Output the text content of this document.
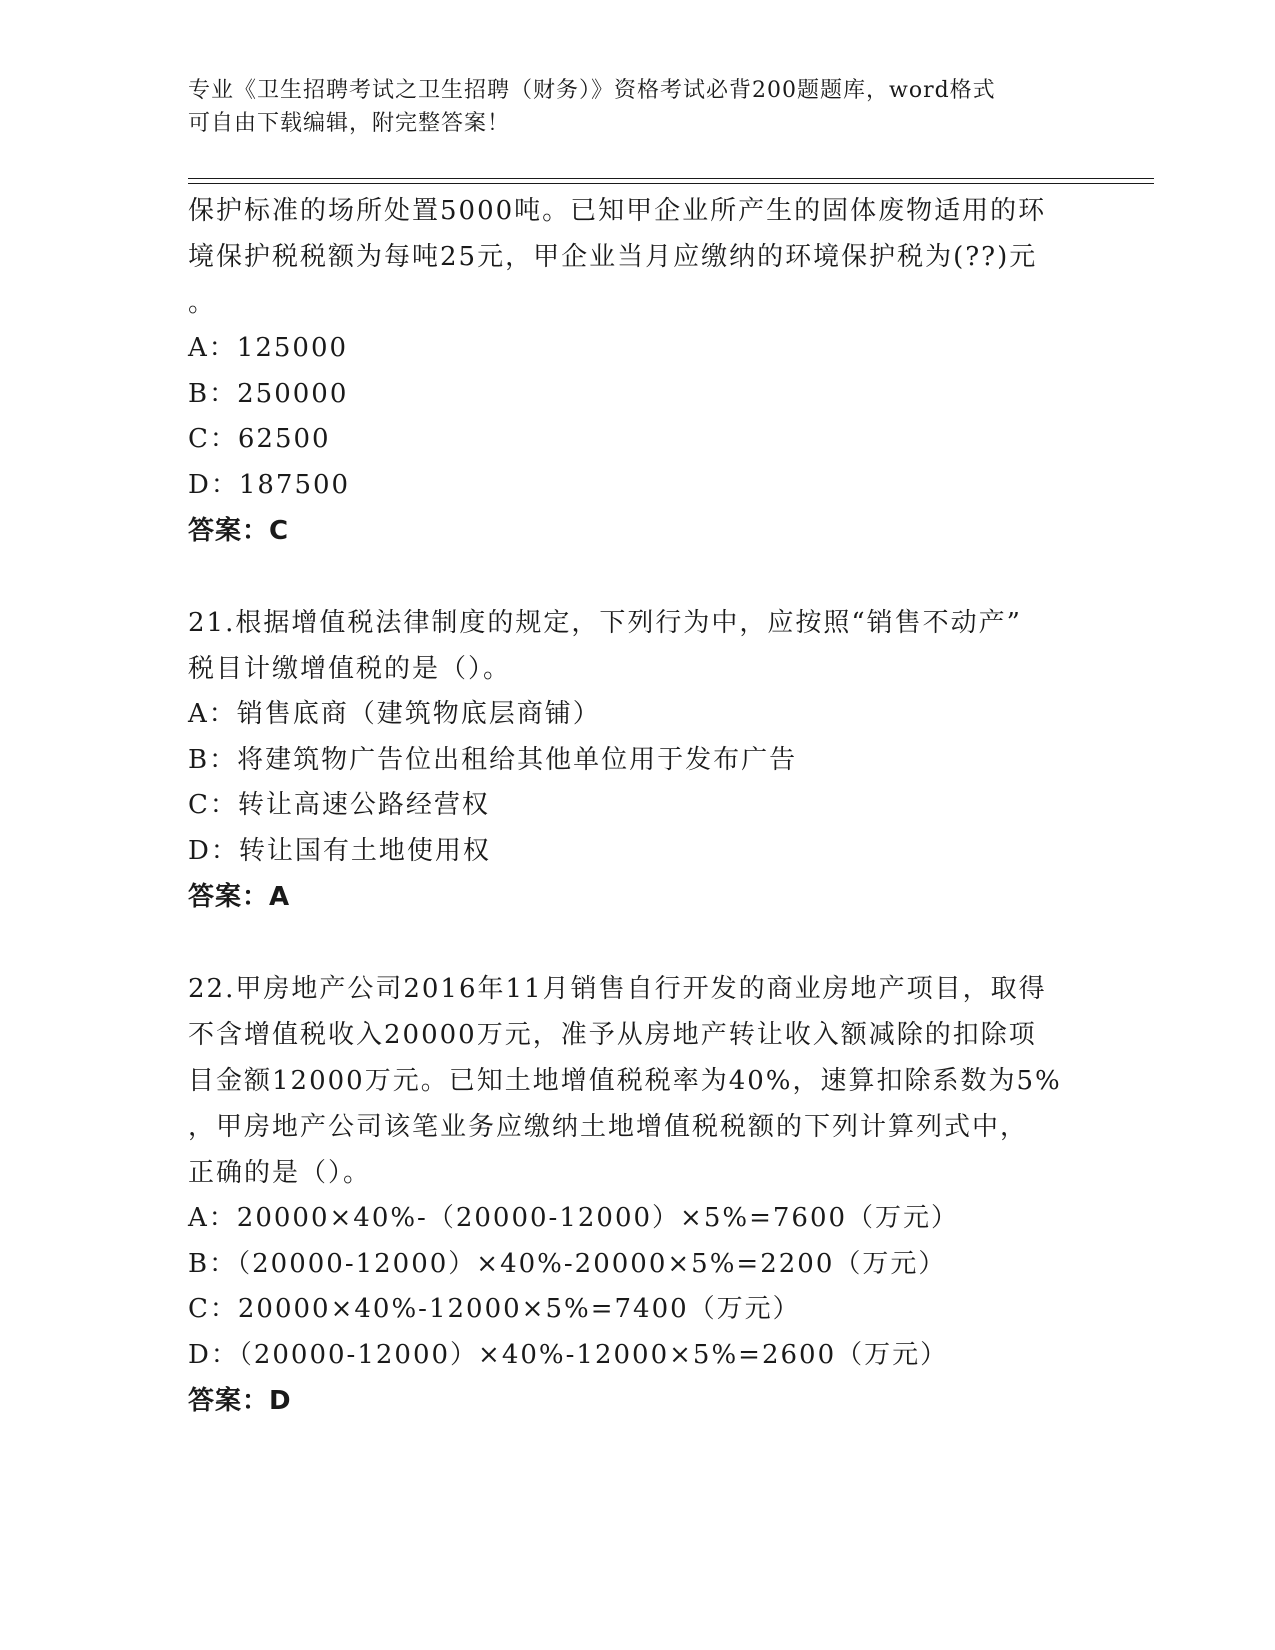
专业《卫生招聘考试之卫生招聘（财务）》资格考试必背200题题库，word格式
可自由下载编辑，附完整答案！
保护标准的场所处置5000吨。已知甲企业所产生的固体废物适用的环
境保护税税额为每吨25元，甲企业当月应缴纳的环境保护税为(??)元
。
A：125000
B：250000
C：62500
D：187500
答案：C
21.根据增值税法律制度的规定，下列行为中，应按照“销售不动产”
税目计缴增值税的是（）。
A：销售底商（建筑物底层商铺）
B：将建筑物广告位出租给其他单位用于发布广告
C：转让高速公路经营权
D：转让国有土地使用权
答案：A
22.甲房地产公司2016年11月销售自行开发的商业房地产项目，取得
不含增值税收入20000万元，准予从房地产转让收入额减除的扣除项
目金额12000万元。已知土地增值税税率为40%，速算扣除系数为5%
，甲房地产公司该笔业务应缴纳土地增值税税额的下列计算列式中，
正确的是（）。
A：20000×40%-（20000-12000）×5%=7600（万元）
B：（20000-12000）×40%-20000×5%=2200（万元）
C：20000×40%-12000×5%=7400（万元）
D：（20000-12000）×40%-12000×5%=2600（万元）
答案：D
